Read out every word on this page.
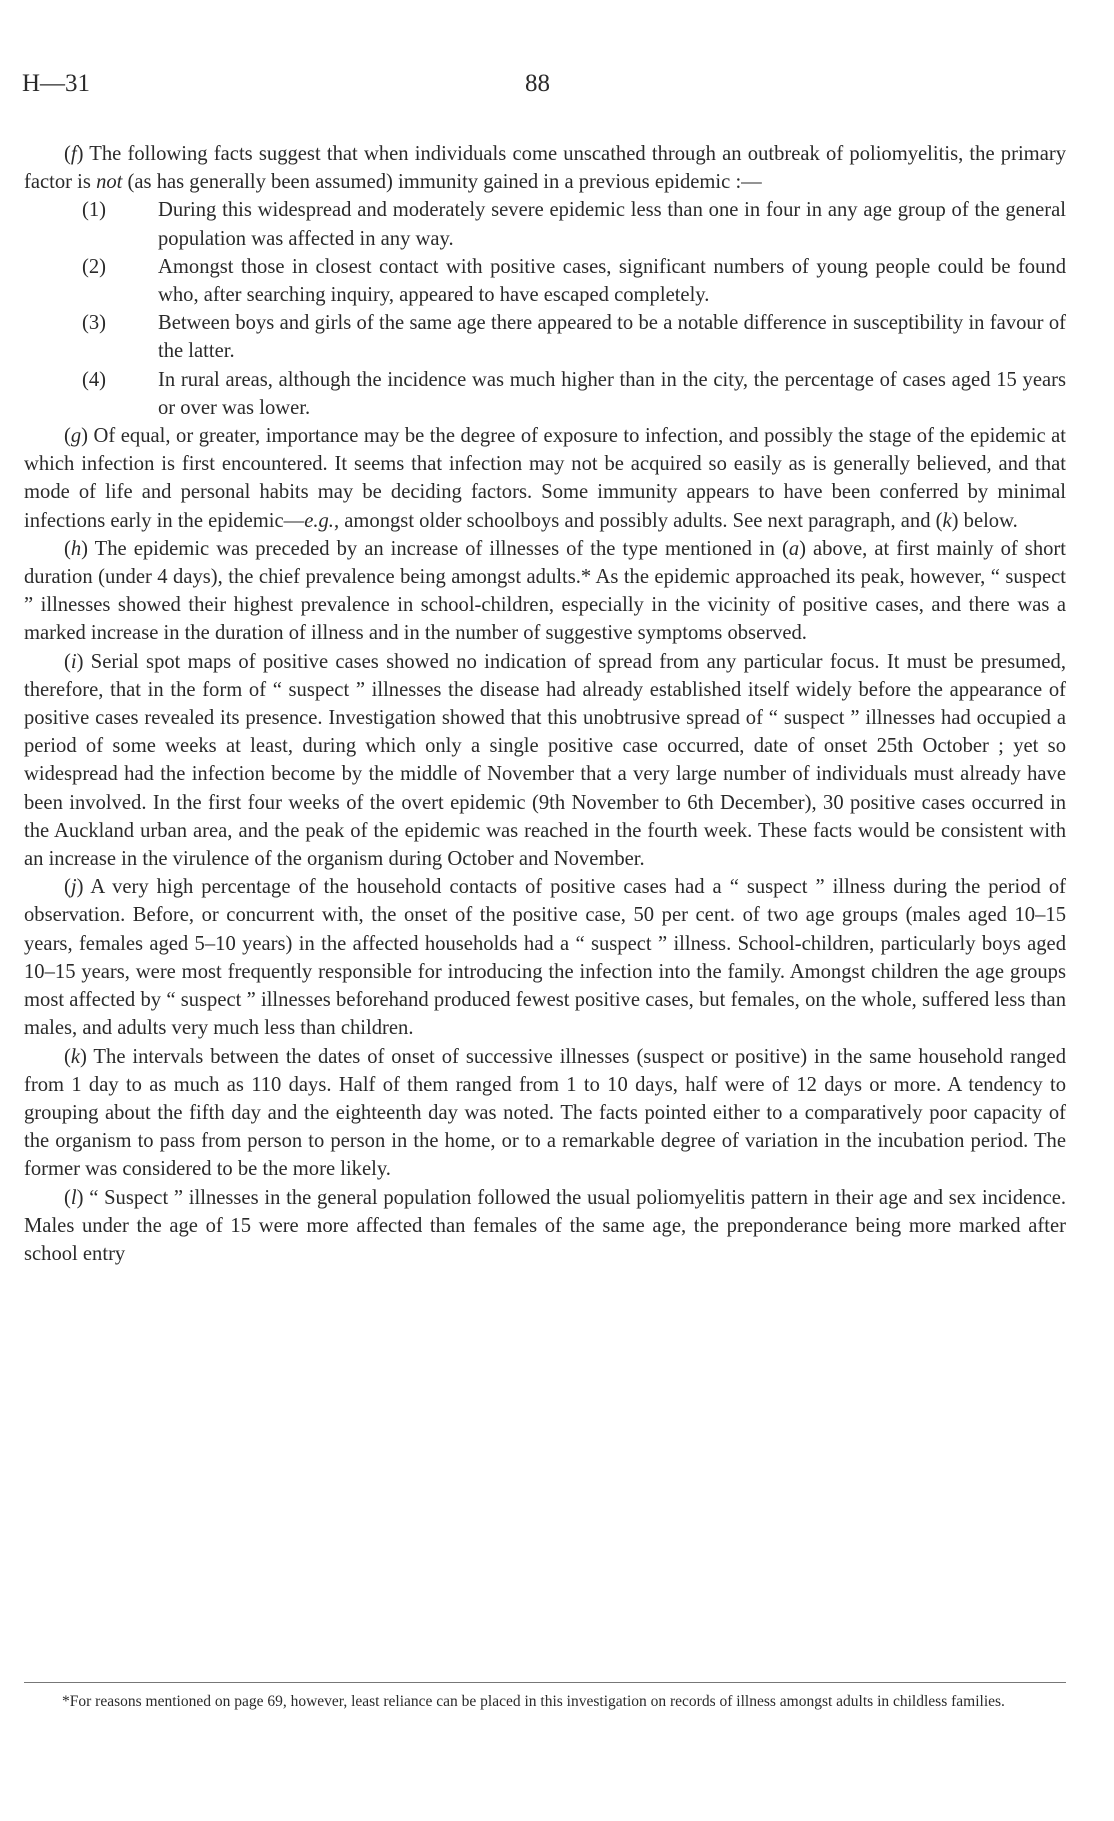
H—31	88

(f) The following facts suggest that when individuals come unscathed through an outbreak of poliomyelitis, the primary factor is not (as has generally been assumed) immunity gained in a previous epidemic :—

(1)	During this widespread and moderately severe epidemic less than one in four in any age group of the general population was affected in any way.
(2)	Amongst those in closest contact with positive cases, significant numbers of young people could be found who, after searching inquiry, appeared to have escaped completely.
(3)	Between boys and girls of the same age there appeared to be a notable difference in susceptibility in favour of the latter.
(4)	In rural areas, although the incidence was much higher than in the city, the percentage of cases aged 15 years or over was lower.

(g) Of equal, or greater, importance may be the degree of exposure to infection, and possibly the stage of the epidemic at which infection is first encountered. It seems that infection may not be acquired so easily as is generally believed, and that mode of life and personal habits may be deciding factors. Some immunity appears to have been conferred by minimal infections early in the epidemic—e.g., amongst older schoolboys and possibly adults. See next paragraph, and (k) below.

(h) The epidemic was preceded by an increase of illnesses of the type mentioned in (a) above, at first mainly of short duration (under 4 days), the chief prevalence being amongst adults.* As the epidemic approached its peak, however, “ suspect ” illnesses showed their highest prevalence in school-children, especially in the vicinity of positive cases, and there was a marked increase in the duration of illness and in the number of suggestive symptoms observed.

(i) Serial spot maps of positive cases showed no indication of spread from any particular focus. It must be presumed, therefore, that in the form of “ suspect ” illnesses the disease had already established itself widely before the appearance of positive cases revealed its presence. Investigation showed that this unobtrusive spread of “ suspect ” illnesses had occupied a period of some weeks at least, during which only a single positive case occurred, date of onset 25th October ; yet so widespread had the infection become by the middle of November that a very large number of individuals must already have been involved. In the first four weeks of the overt epidemic (9th November to 6th December), 30 positive cases occurred in the Auckland urban area, and the peak of the epidemic was reached in the fourth week. These facts would be consistent with an increase in the virulence of the organism during October and November.

(j) A very high percentage of the household contacts of positive cases had a “ suspect ” illness during the period of observation. Before, or concurrent with, the onset of the positive case, 50 per cent. of two age groups (males aged 10–15 years, females aged 5–10 years) in the affected households had a “ suspect ” illness. School-children, particularly boys aged 10–15 years, were most frequently responsible for introducing the infection into the family. Amongst children the age groups most affected by “ suspect ” illnesses beforehand produced fewest positive cases, but females, on the whole, suffered less than males, and adults very much less than children.

(k) The intervals between the dates of onset of successive illnesses (suspect or positive) in the same household ranged from 1 day to as much as 110 days. Half of them ranged from 1 to 10 days, half were of 12 days or more. A tendency to grouping about the fifth day and the eighteenth day was noted. The facts pointed either to a comparatively poor capacity of the organism to pass from person to person in the home, or to a remarkable degree of variation in the incubation period. The former was considered to be the more likely.

(l) “ Suspect ” illnesses in the general population followed the usual poliomyelitis pattern in their age and sex incidence. Males under the age of 15 were more affected than females of the same age, the preponderance being more marked after school entry

*For reasons mentioned on page 69, however, least reliance can be placed in this investigation on records of illness amongst adults in childless families.
